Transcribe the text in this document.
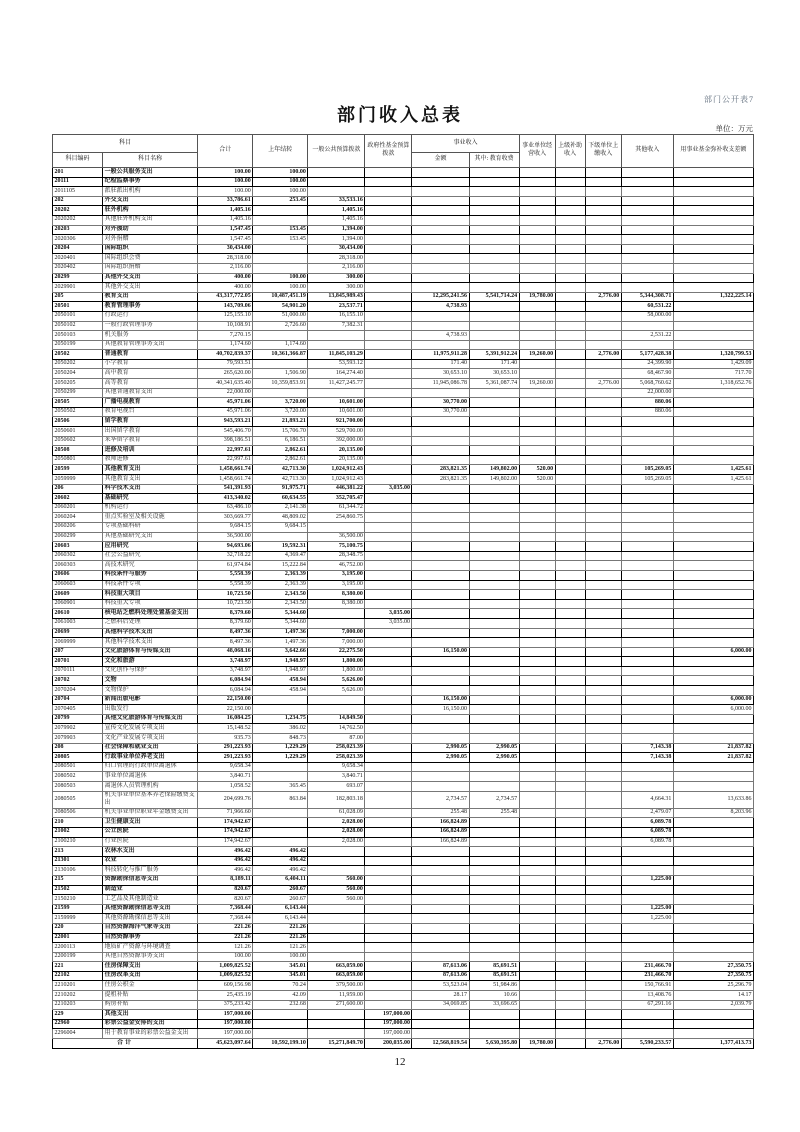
部门公开表7
部门收入总表
单位：万元
科目		合计	上年结转	一般公共预算拨款	政府性基金预算拨款	事业收入		事业单位经营收入	上级补助收入	下级单位上缴收入	其他收入	用事业基金弥补收支差额
科目编码	科目名称					金额	其中: 教育收费					
201	一般公共服务支出	100.00	100.00									
20111	纪检监察事务	100.00	100.00									
2011105	派驻派出机构	100.00	100.00									
202	外交支出	33,786.61	253.45	33,533.16								
20202	驻外机构	1,405.16		1,405.16								
2020202	其他驻外机构支出	1,405.16		1,405.16								
20203	对外援助	1,547.45	153.45	1,394.00								
2020306	对外捐赠	1,547.45	153.45	1,394.00								
20204	国际组织	30,434.00		30,434.00								
2020401	国际组织会费	28,318.00		28,318.00								
2020402	国际组织捐赠	2,116.00		2,116.00								
20299	其他外交支出	400.00	100.00	300.00								
2029901	其他外交支出	400.00	100.00	300.00								
205	教育支出	43,317,772.05	10,487,451.19	13,845,989.43		12,295,241.56	5,541,714.24	19,780.00		2,776.00	5,344,308.71	1,322,225.14
20501	教育管理事务	143,709.06	54,901.20	23,537.71		4,738.93					60,531.22	
2050101	行政运行	125,155.10	51,000.00	16,155.10							58,000.00	
2050102	一般行政管理事务	10,108.91	2,726.60	7,382.31								
2050103	机关服务	7,270.15				4,738.93					2,531.22	
2050199	其他教育管理事务支出	1,174.60	1,174.60									
20502	普通教育	40,702,839.37	10,361,366.87	11,845,103.29		11,975,911.28	5,391,912.24	19,260.00		2,776.00	5,177,428.38	1,320,799.53
2050202	小学教育	79,593.51		53,593.12		171.40	171.40				24,399.90	1,429.09
2050204	高中教育	265,620.00	1,506.90	164,274.40		30,653.10	30,653.10				68,467.90	717.70
2050205	高等教育	40,341,635.40	10,359,853.91	11,427,245.77		11,945,086.78	5,361,087.74	19,260.00		2,776.00	5,068,760.62	1,318,652.76
2050299	其他普通教育支出	22,000.00									22,000.00	
20505	广播电视教育	45,971.06	3,720.00	10,601.00		30,770.00					880.06	
2050502	教育电视台	45,971.06	3,720.00	10,601.00		30,770.00					880.06	
20506	留学教育	943,593.21	21,893.21	921,700.00								
2050601	出国留学教育	545,406.70	15,706.70	529,700.00								
2050602	来华留学教育	398,186.51	6,186.51	392,000.00								
20508	进修及培训	22,997.61	2,862.61	20,135.00								
2050801	教师进修	22,997.61	2,862.61	20,135.00								
20599	其他教育支出	1,458,661.74	42,713.30	1,024,912.43		283,821.35	149,802.00	520.00			105,269.05	1,425.61
2059999	其他教育支出	1,458,661.74	42,713.30	1,024,912.43		283,821.35	149,802.00	520.00			105,269.05	1,425.61
206	科学技术支出	541,391.93	91,975.71	446,381.22	3,035.00							
20602	基础研究	413,340.02	60,634.55	352,705.47								
2060201	机构运行	63,486.10	2,141.38	61,344.72								
2060204	重点实验室及相关设施	303,669.77	48,809.02	254,860.75								
2060206	专项基础科研	9,684.15	9,684.15									
2060299	其他基础研究支出	36,500.00		36,500.00								
20603	应用研究	94,693.06	19,592.31	75,100.75								
2060302	社会公益研究	32,718.22	4,369.47	28,348.75								
2060303	高技术研究	61,974.84	15,222.84	46,752.00								
20606	科技条件与服务	5,558.39	2,363.39	3,195.00								
2060603	科技条件专项	5,558.39	2,363.39	3,195.00								
20609	科技重大项目	10,723.50	2,343.50	8,380.00								
2060901	科技重大专项	10,723.50	2,343.50	8,380.00								
20610	核电站乏燃料处理处置基金支出	8,379.60	5,344.60		3,035.00							
2061003	乏燃料后处理	8,379.60	5,344.60		3,035.00							
20699	其他科学技术支出	8,497.36	1,497.36	7,000.00								
2069999	其他科学技术支出	8,497.36	1,497.36	7,000.00								
207	文化旅游体育与传媒支出	48,068.16	3,642.66	22,275.50		16,150.00						6,000.00
20701	文化和旅游	3,748.97	1,948.97	1,800.00								
2070111	文化创作与保护	3,748.97	1,948.97	1,800.00								
20702	文物	6,084.94	458.94	5,626.00								
2070204	文物保护	6,084.94	458.94	5,626.00								
20704	新闻出版电影	22,150.00				16,150.00						6,000.00
2070405	出版发行	22,150.00				16,150.00						6,000.00
20799	其他文化旅游体育与传媒支出	16,084.25	1,234.75	14,849.50								
2079902	宣传文化发展专项支出	15,148.52	386.02	14,762.50								
2079903	文化产业发展专项支出	935.73	848.73	87.00								
208	社会保障和就业支出	291,223.93	1,229.29	258,023.39		2,990.05	2,990.05				7,143.38	21,837.82
20805	行政事业单位养老支出	291,223.93	1,229.29	258,023.39		2,990.05	2,990.05				7,143.38	21,837.82
2080501	归口管理的行政单位离退休	9,658.34		9,658.34								
2080502	事业单位离退休	3,840.71		3,840.71								
2080503	离退休人员管理机构	1,058.52	365.45	693.07								
2080505	机关事业单位基本养老保险缴费支出	204,699.76	863.84	182,803.18		2,734.57	2,734.57				4,664.31	13,633.86
2080506	机关事业单位职业年金缴费支出	71,966.60		61,028.09		255.48	255.48				2,479.07	8,203.96
210	卫生健康支出	174,942.67		2,028.00		166,824.89					6,089.78	
21002	公立医院	174,942.67		2,028.00		166,824.89					6,089.78	
2100210	行业医院	174,942.67		2,028.00		166,824.89					6,089.78	
213	农林水支出	496.42	496.42									
21301	农业	496.42	496.42									
2130106	科技转化与推广服务	496.42	496.42									
215	资源勘探信息等支出	8,189.11	6,404.11	560.00							1,225.00	
21502	制造业	820.67	260.67	560.00								
2150210	工艺品及其他制造业	820.67	260.67	560.00								
21599	其他资源勘探信息等支出	7,368.44	6,143.44								1,225.00	
2159999	其他资源勘探信息等支出	7,368.44	6,143.44								1,225.00	
220	自然资源海洋气象等支出	221.26	221.26									
22001	自然资源事务	221.26	221.26									
2200113	地质矿产资源与环境调查	121.26	121.26									
2200199	其他自然资源事务支出	100.00	100.00									
221	住房保障支出	1,009,825.52	345.01	663,059.00		87,613.06	85,691.51				231,466.70	27,350.75
22102	住房改革支出	1,009,825.52	345.01	663,059.00		87,613.06	85,691.51				231,466.70	27,350.75
2210201	住房公积金	609,156.98	70.24	379,500.00		53,523.04	51,984.86				150,766.91	25,296.79
2210202	提租补贴	25,435.19	42.09	11,959.00		28.17	10.66				13,408.76	14.17
2210203	购房补贴	375,233.42	232.68	271,600.00		34,069.85	33,696.65				67,291.16	2,039.79
229	其他支出	197,000.00			197,000.00							
22960	彩票公益金安排的支出	197,000.00			197,000.00							
2296004	用于教育事业的彩票公益金支出	197,000.00			197,000.00							
合计		45,623,097.64	10,592,199.10	15,271,849.70	200,035.00	12,568,819.54	5,630,395.80	19,780.00		2,776.00	5,590,233.57	1,377,413.73
12
